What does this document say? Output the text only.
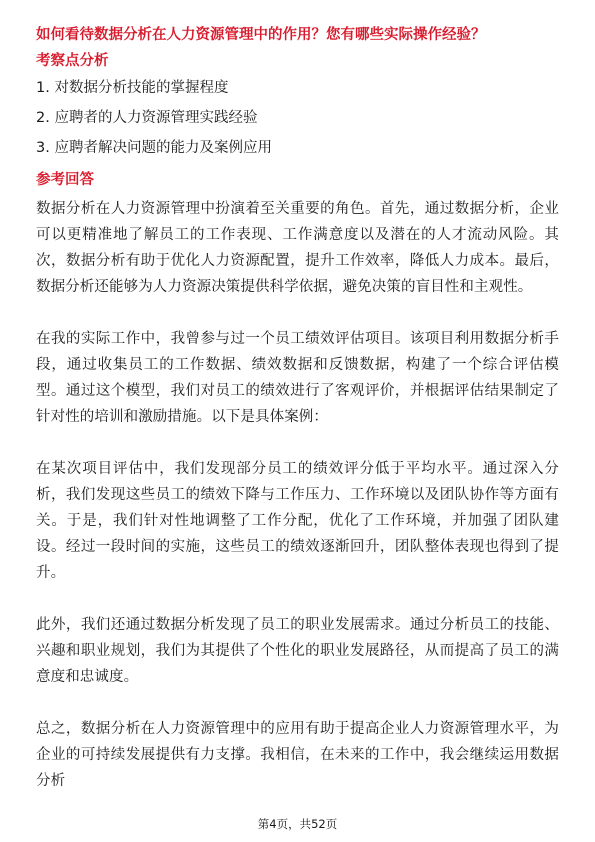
如何看待数据分析在人力资源管理中的作用？您有哪些实际操作经验？
考察点分析
1. 对数据分析技能的掌握程度
2. 应聘者的人力资源管理实践经验
3. 应聘者解决问题的能力及案例应用
参考回答

数据分析在人力资源管理中扮演着至关重要的角色。首先，通过数据分析，企业可以更精准地了解员工的工作表现、工作满意度以及潜在的人才流动风险。其次，数据分析有助于优化人力资源配置，提升工作效率，降低人力成本。最后，数据分析还能够为人力资源决策提供科学依据，避免决策的盲目性和主观性。

在我的实际工作中，我曾参与过一个员工绩效评估项目。该项目利用数据分析手段，通过收集员工的工作数据、绩效数据和反馈数据，构建了一个综合评估模型。通过这个模型，我们对员工的绩效进行了客观评价，并根据评估结果制定了针对性的培训和激励措施。以下是具体案例：

在某次项目评估中，我们发现部分员工的绩效评分低于平均水平。通过深入分析，我们发现这些员工的绩效下降与工作压力、工作环境以及团队协作等方面有关。于是，我们针对性地调整了工作分配，优化了工作环境，并加强了团队建设。经过一段时间的实施，这些员工的绩效逐渐回升，团队整体表现也得到了提升。

此外，我们还通过数据分析发现了员工的职业发展需求。通过分析员工的技能、兴趣和职业规划，我们为其提供了个性化的职业发展路径，从而提高了员工的满意度和忠诚度。

总之，数据分析在人力资源管理中的应用有助于提高企业人力资源管理水平，为企业的可持续发展提供有力支撑。我相信，在未来的工作中，我会继续运用数据分析

第4页，共52页
